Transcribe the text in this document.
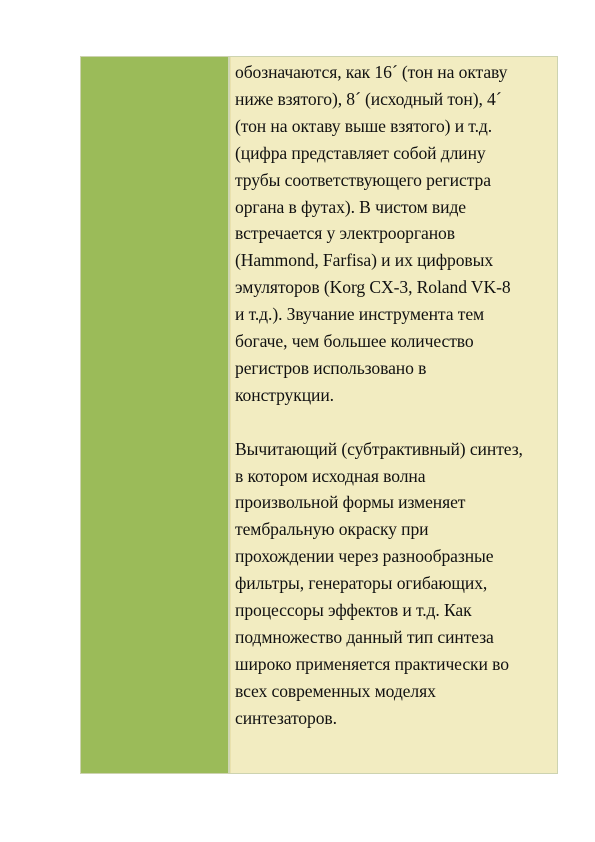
обозначаются, как 16´ (тон на октаву
ниже взятого), 8´ (исходный тон), 4´
(тон на октаву выше взятого) и т.д.
(цифра представляет собой длину
трубы соответствующего регистра
органа в футах). В чистом виде
встречается у электроорганов
(Hammond, Farfisa) и их цифровых
эмуляторов (Korg CX-3, Roland VK-8
и т.д.). Звучание инструмента тем
богаче, чем большее количество
регистров использовано в
конструкции.

Вычитающий (субтрактивный) синтез,
в котором исходная волна
произвольной формы изменяет
тембральную окраску при
прохождении через разнообразные
фильтры, генераторы огибающих,
процессоры эффектов и т.д. Как
подмножество данный тип синтеза
широко применяется практически во
всех современных моделях
синтезаторов.
